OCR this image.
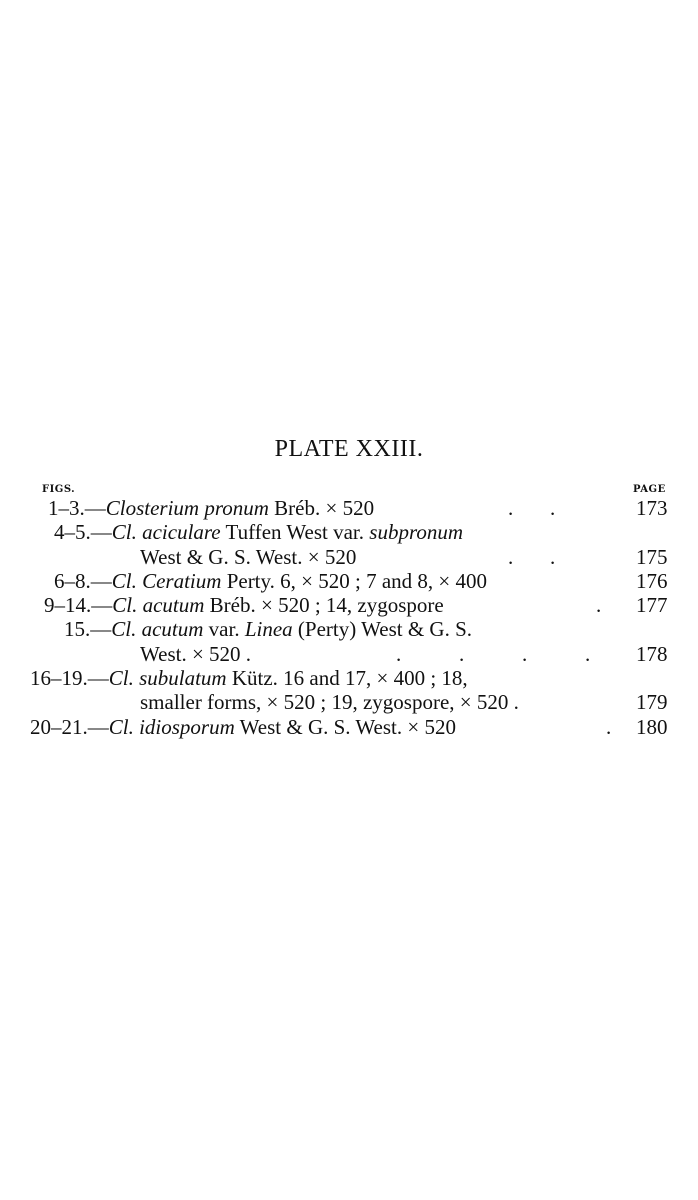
PLATE XXIII.
FIGS.	PAGE
1–3.—Closterium pronum Bréb. × 520	.       .	173
4–5.—Cl. aciculare Tuffen West var. subpronum
West & G. S. West. × 520	.       .	175
6–8.—Cl. Ceratium Perty. 6, × 520 ; 7 and 8, × 400	176
9–14.—Cl. acutum Bréb. × 520 ; 14, zygospore	. 177
15.—Cl. acutum var. Linea (Perty) West & G. S.
West. × 520 .	.           .           .           . 178
16–19.—Cl. subulatum Kütz. 16 and 17, × 400 ; 18,
smaller forms, × 520 ; 19, zygospore, × 520 .	179
20–21.—Cl. idiosporum West & G. S. West. × 520	. 180
